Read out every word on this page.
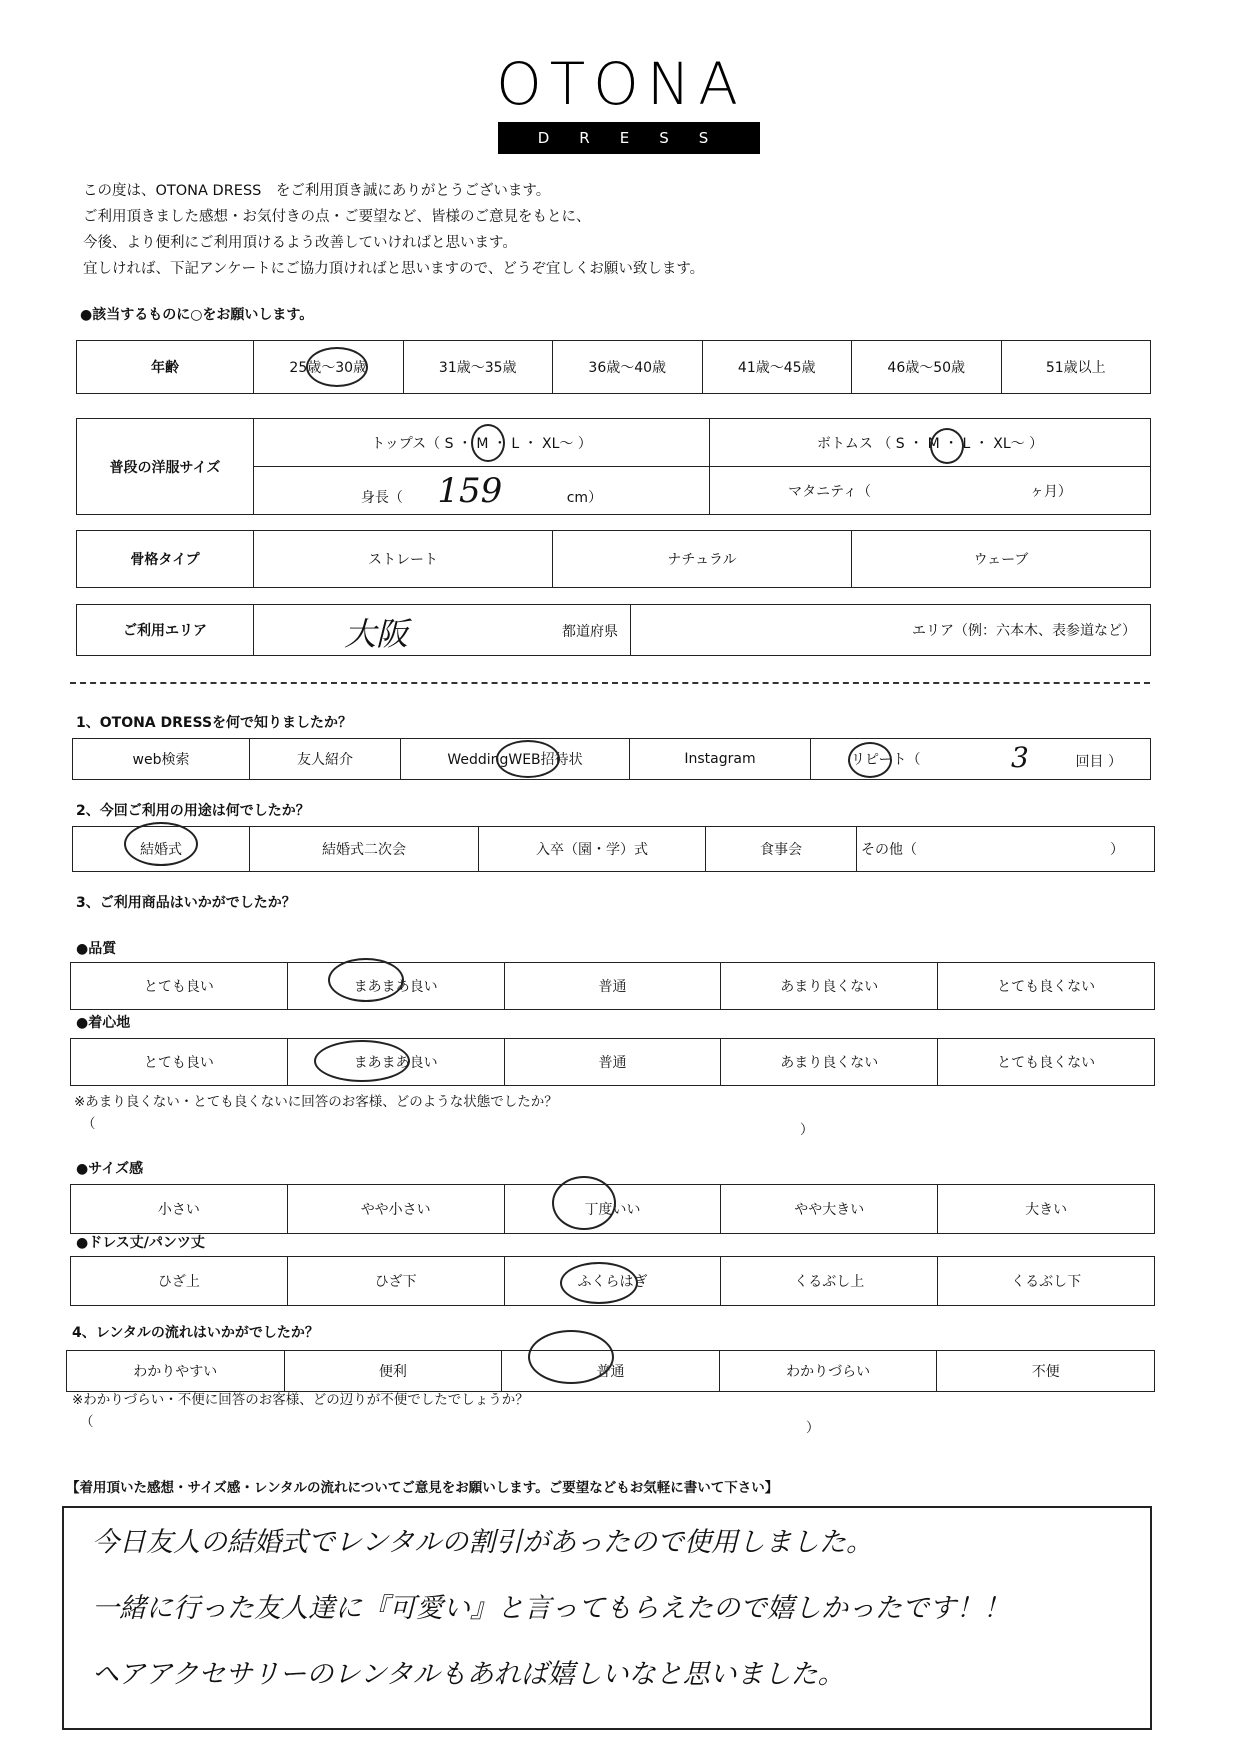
OTONA
DRESS
この度は、OTONA DRESS　をご利用頂き誠にありがとうございます。
ご利用頂きました感想・お気付きの点・ご要望など、皆様のご意見をもとに、
今後、より便利にご利用頂けるよう改善していければと思います。
宜しければ、下記アンケートにご協力頂ければと思いますので、どうぞ宜しくお願い致します。
●該当するものに○をお願いします。
年齢	25歳～30歳	31歳～35歳	36歳～40歳	41歳～45歳	46歳～50歳	51歳以上
普段の洋服サイズ	トップス（ S ・ M ・ L ・ XL～ ）	ボトムス （ S ・ M ・ L ・ XL～ ）
	身長（ 159 cm）	マタニティ（ ヶ月）
骨格タイプ	ストレート	ナチュラル	ウェーブ
ご利用エリア	大阪	都道府県	エリア（例：六本木、表参道など）
1、OTONA DRESSを何で知りましたか？
web検索	友人紹介	WeddingWEB招待状	Instagram	リピート（	3	回目 ）
2、今回ご利用の用途は何でしたか？
結婚式	結婚式二次会	入卒（園・学）式	食事会	その他（	）
3、ご利用商品はいかがでしたか？
●品質
とても良い	まあまあ良い	普通	あまり良くない	とても良くない
●着心地
とても良い	まあまあ良い	普通	あまり良くない	とても良くない
※あまり良くない・とても良くないに回答のお客様、どのような状態でしたか？
（	）
●サイズ感
小さい	やや小さい	丁度いい	やや大きい	大きい
●ドレス丈/パンツ丈
ひざ上	ひざ下	ふくらはぎ	くるぶし上	くるぶし下
4、レンタルの流れはいかがでしたか？
わかりやすい	便利	普通	わかりづらい	不便
※わかりづらい・不便に回答のお客様、どの辺りが不便でしたでしょうか？
（	）
【着用頂いた感想・サイズ感・レンタルの流れについてご意見をお願いします。ご要望などもお気軽に書いて下さい】
今日友人の結婚式でレンタルの割引があったので使用しました。
一緒に行った友人達に『可愛い』と言ってもらえたので嬉しかったです！！
ヘアアクセサリーのレンタルもあれば嬉しいなと思いました。
